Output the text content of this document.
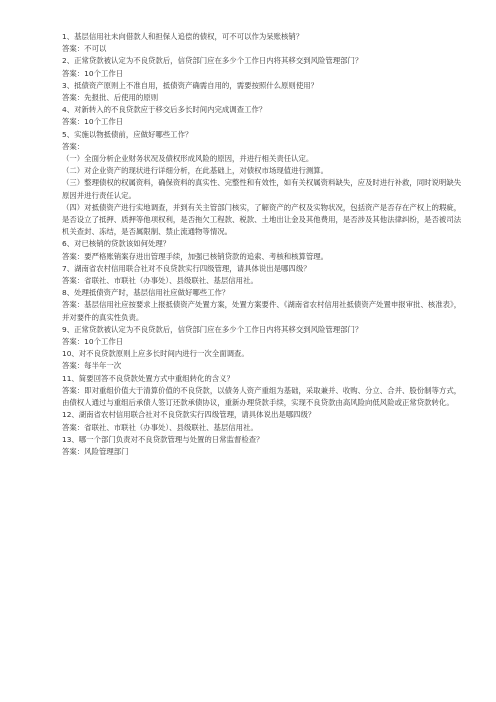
1、基层信用社未向借款人和担保人追偿的债权，可不可以作为呆账核销？

答案：不可以

2、正常贷款被认定为不良贷款后，信贷部门应在多少个工作日内将其移交到风险管理部门？

答案：10个工作日

3、抵债资产原则上不准自用，抵债资产确需自用的，需要按照什么原则使用？

答案：先报批、后使用的原则

4、对新转入的不良贷款应于移交后多长时间内完成调查工作？

答案：10个工作日

5、实施以物抵债前，应做好哪些工作？

答案：

（一）全面分析企业财务状况及债权形成风险的原因，并进行相关责任认定。

（二）对企业资产的现状进行详细分析，在此基础上，对债权市场现值进行测算。

（三）整理债权的权属资料，确保资料的真实性、完整性和有效性，如有关权属资料缺失，应及时进行补救，同时说明缺失原因并进行责任认定。

（四）对抵债资产进行实地调查，并到有关主管部门核实，了解资产的产权及实物状况，包括资产是否存在产权上的瑕疵，是否设立了抵押、质押等他项权利，是否拖欠工程款、税款、土地出让金及其他费用，是否涉及其他法律纠纷，是否被司法机关查封、冻结，是否属限制、禁止流通物等情况。

6、对已核销的贷款该如何处理？

答案：要严格账销案存进出管理手续，加强已核销贷款的追索、考核和核算管理。

7、湖南省农村信用联合社对不良贷款实行四级管理，请具体说出是哪四级？

答案：省联社、市联社（办事处）、县级联社、基层信用社。

8、处理抵债资产时，基层信用社应做好哪些工作？

答案：基层信用社应按要求上报抵债资产处置方案，处置方案要件、《湖南省农村信用社抵债资产处置申报审批、核准表》，并对要件的真实性负责。

9、正常贷款被认定为不良贷款后，信贷部门应在多少个工作日内将其移交到风险管理部门？

答案：10个工作日

10、对不良贷款原则上应多长时间内进行一次全面调查。

答案：每半年一次

11、简要回答不良贷款处置方式中重组转化的含义？

答案：即对重组价值大于清算价值的不良贷款，以债务人资产重组为基础，采取兼并、收购、分立、合并、股份制等方式，由债权人通过与重组后承债人签订还款承债协议，重新办理贷款手续，实现不良贷款由高风险向低风险或正常贷款转化。

12、湖南省农村信用联合社对不良贷款实行四级管理，请具体说出是哪四级？

答案：省联社、市联社（办事处）、县级联社、基层信用社。

13、哪一个部门负责对不良贷款管理与处置的日常监督检查？

答案：风险管理部门
